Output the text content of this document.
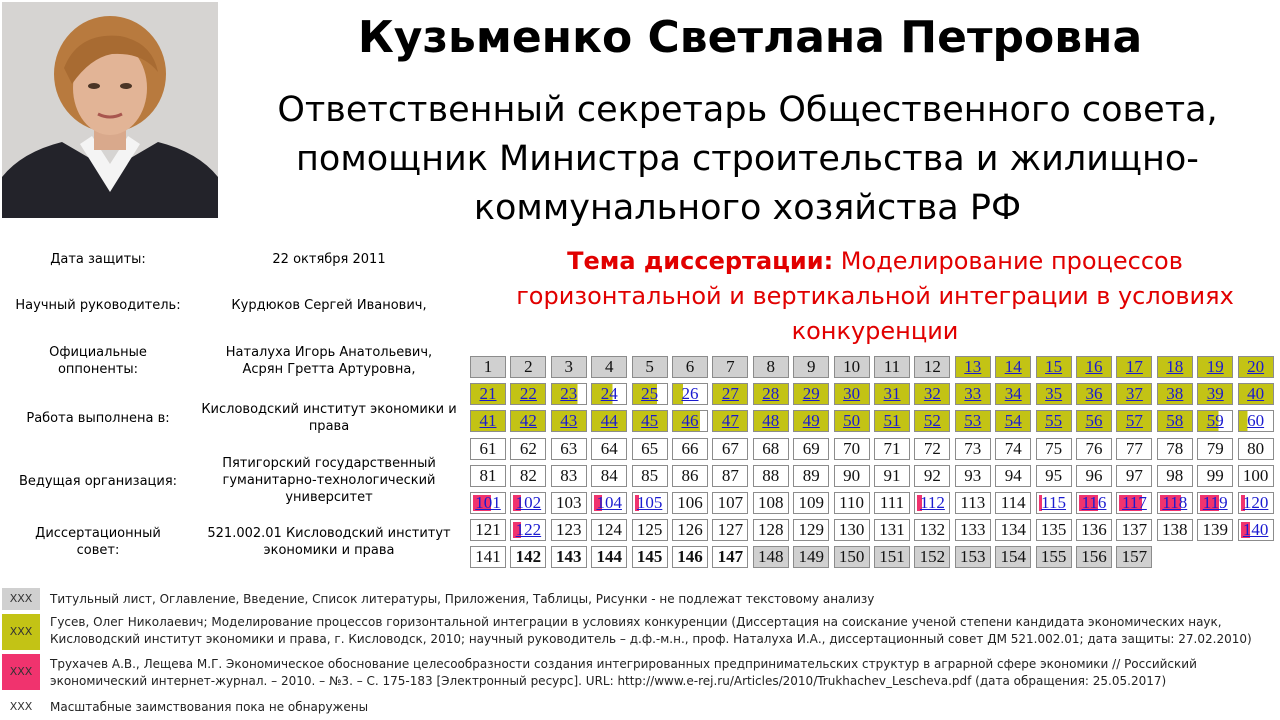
Кузьменко Светлана Петровна
Ответственный секретарь Общественного совета,
помощник Министра строительства и жилищно-
коммунального хозяйства РФ
Дата защиты:	22 октября 2011
Научный руководитель:	Курдюков Сергей Иванович,
Официальные оппоненты:
Наталуха Игорь Анатольевич, Асрян Гретта Артуровна,
Работа выполнена в:
Кисловодский институт экономики и права
Ведущая организация:
Пятигорский государственный гуманитарно-технологический университет
Диссертационный совет:
521.002.01 Кисловодский институт экономики и права
Тема диссертации: Моделирование процессов горизонтальной и вертикальной интеграции в условиях конкуренции
1	2	3	4	5	6	7	8	9	10	11	12	13	14	15	16	17	18	19	20
21	22	23	24	25	26	27	28	29	30	31	32	33	34	35	36	37	38	39	40
41	42	43	44	45	46	47	48	49	50	51	52	53	54	55	56	57	58	59	60
61	62	63	64	65	66	67	68	69	70	71	72	73	74	75	76	77	78	79	80
81	82	83	84	85	86	87	88	89	90	91	92	93	94	95	96	97	98	99	100
101 102 103 104 105 106 107 108 109 110 111 112 113 114 115 116 117 118 119 120
121 122 123 124 125 126 127 128 129 130 131 132 133 134 135 136 137 138 139 140
141 142 143 144 145 146 147 148 149 150 151 152 153 154 155 156 157
XXX	Титульный лист, Оглавление, Введение, Список литературы, Приложения, Таблицы, Рисунки - не подлежат текстовому анализу
XXX
Гусев, Олег Николаевич; Моделирование процессов горизонтальной интеграции в условиях конкуренции (Диссертация на соискание ученой степени кандидата экономических наук, Кисловодский институт экономики и права, г. Кисловодск, 2010; научный руководитель – д.ф.-м.н., проф. Наталуха И.А., диссертационный совет ДМ 521.002.01; дата защиты: 27.02.2010)
XXX
Трухачев А.В., Лещева М.Г. Экономическое обоснование целесообразности создания интегрированных предпринимательских структур в аграрной сфере экономики // Российский экономический интернет-журнал. – 2010. – №3. – С. 175-183 [Электронный ресурс]. URL: http://www.e-rej.ru/Articles/2010/Trukhachev_Lescheva.pdf (дата обращения: 25.05.2017)
XXX	Масштабные заимствования пока не обнаружены
